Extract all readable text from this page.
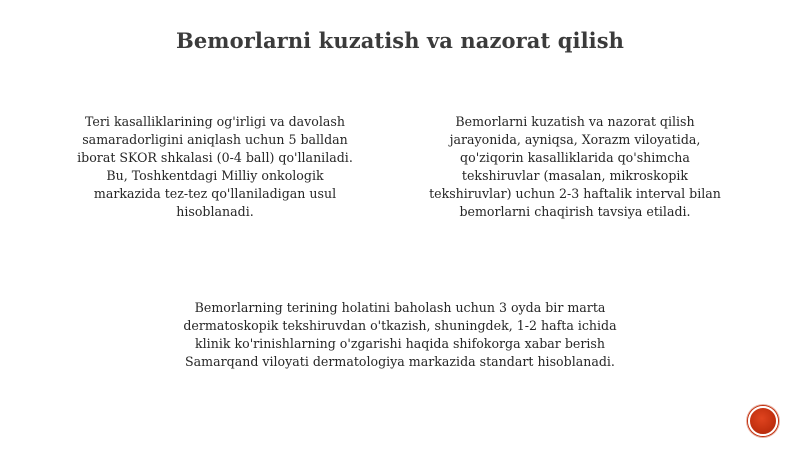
Bemorlarni kuzatish va nazorat qilish

Teri kasalliklarining og'irligi va davolash
samaradorligini aniqlash uchun 5 balldan
iborat SKOR shkalasi (0-4 ball) qo'llaniladi.
Bu, Toshkentdagi Milliy onkologik
markazida tez-tez qo'llaniladigan usul
hisoblanadi.

Bemorlarni kuzatish va nazorat qilish
jarayonida, ayniqsa, Xorazm viloyatida,
qo'ziqorin kasalliklarida qo'shimcha
tekshiruvlar (masalan, mikroskopik
tekshiruvlar) uchun 2-3 haftalik interval bilan
bemorlarni chaqirish tavsiya etiladi.

Bemorlarning terining holatini baholash uchun 3 oyda bir marta
dermatoskopik tekshiruvdan o'tkazish, shuningdek, 1-2 hafta ichida
klinik ko'rinishlarning o'zgarishi haqida shifokorga xabar berish
Samarqand viloyati dermatologiya markazida standart hisoblanadi.
